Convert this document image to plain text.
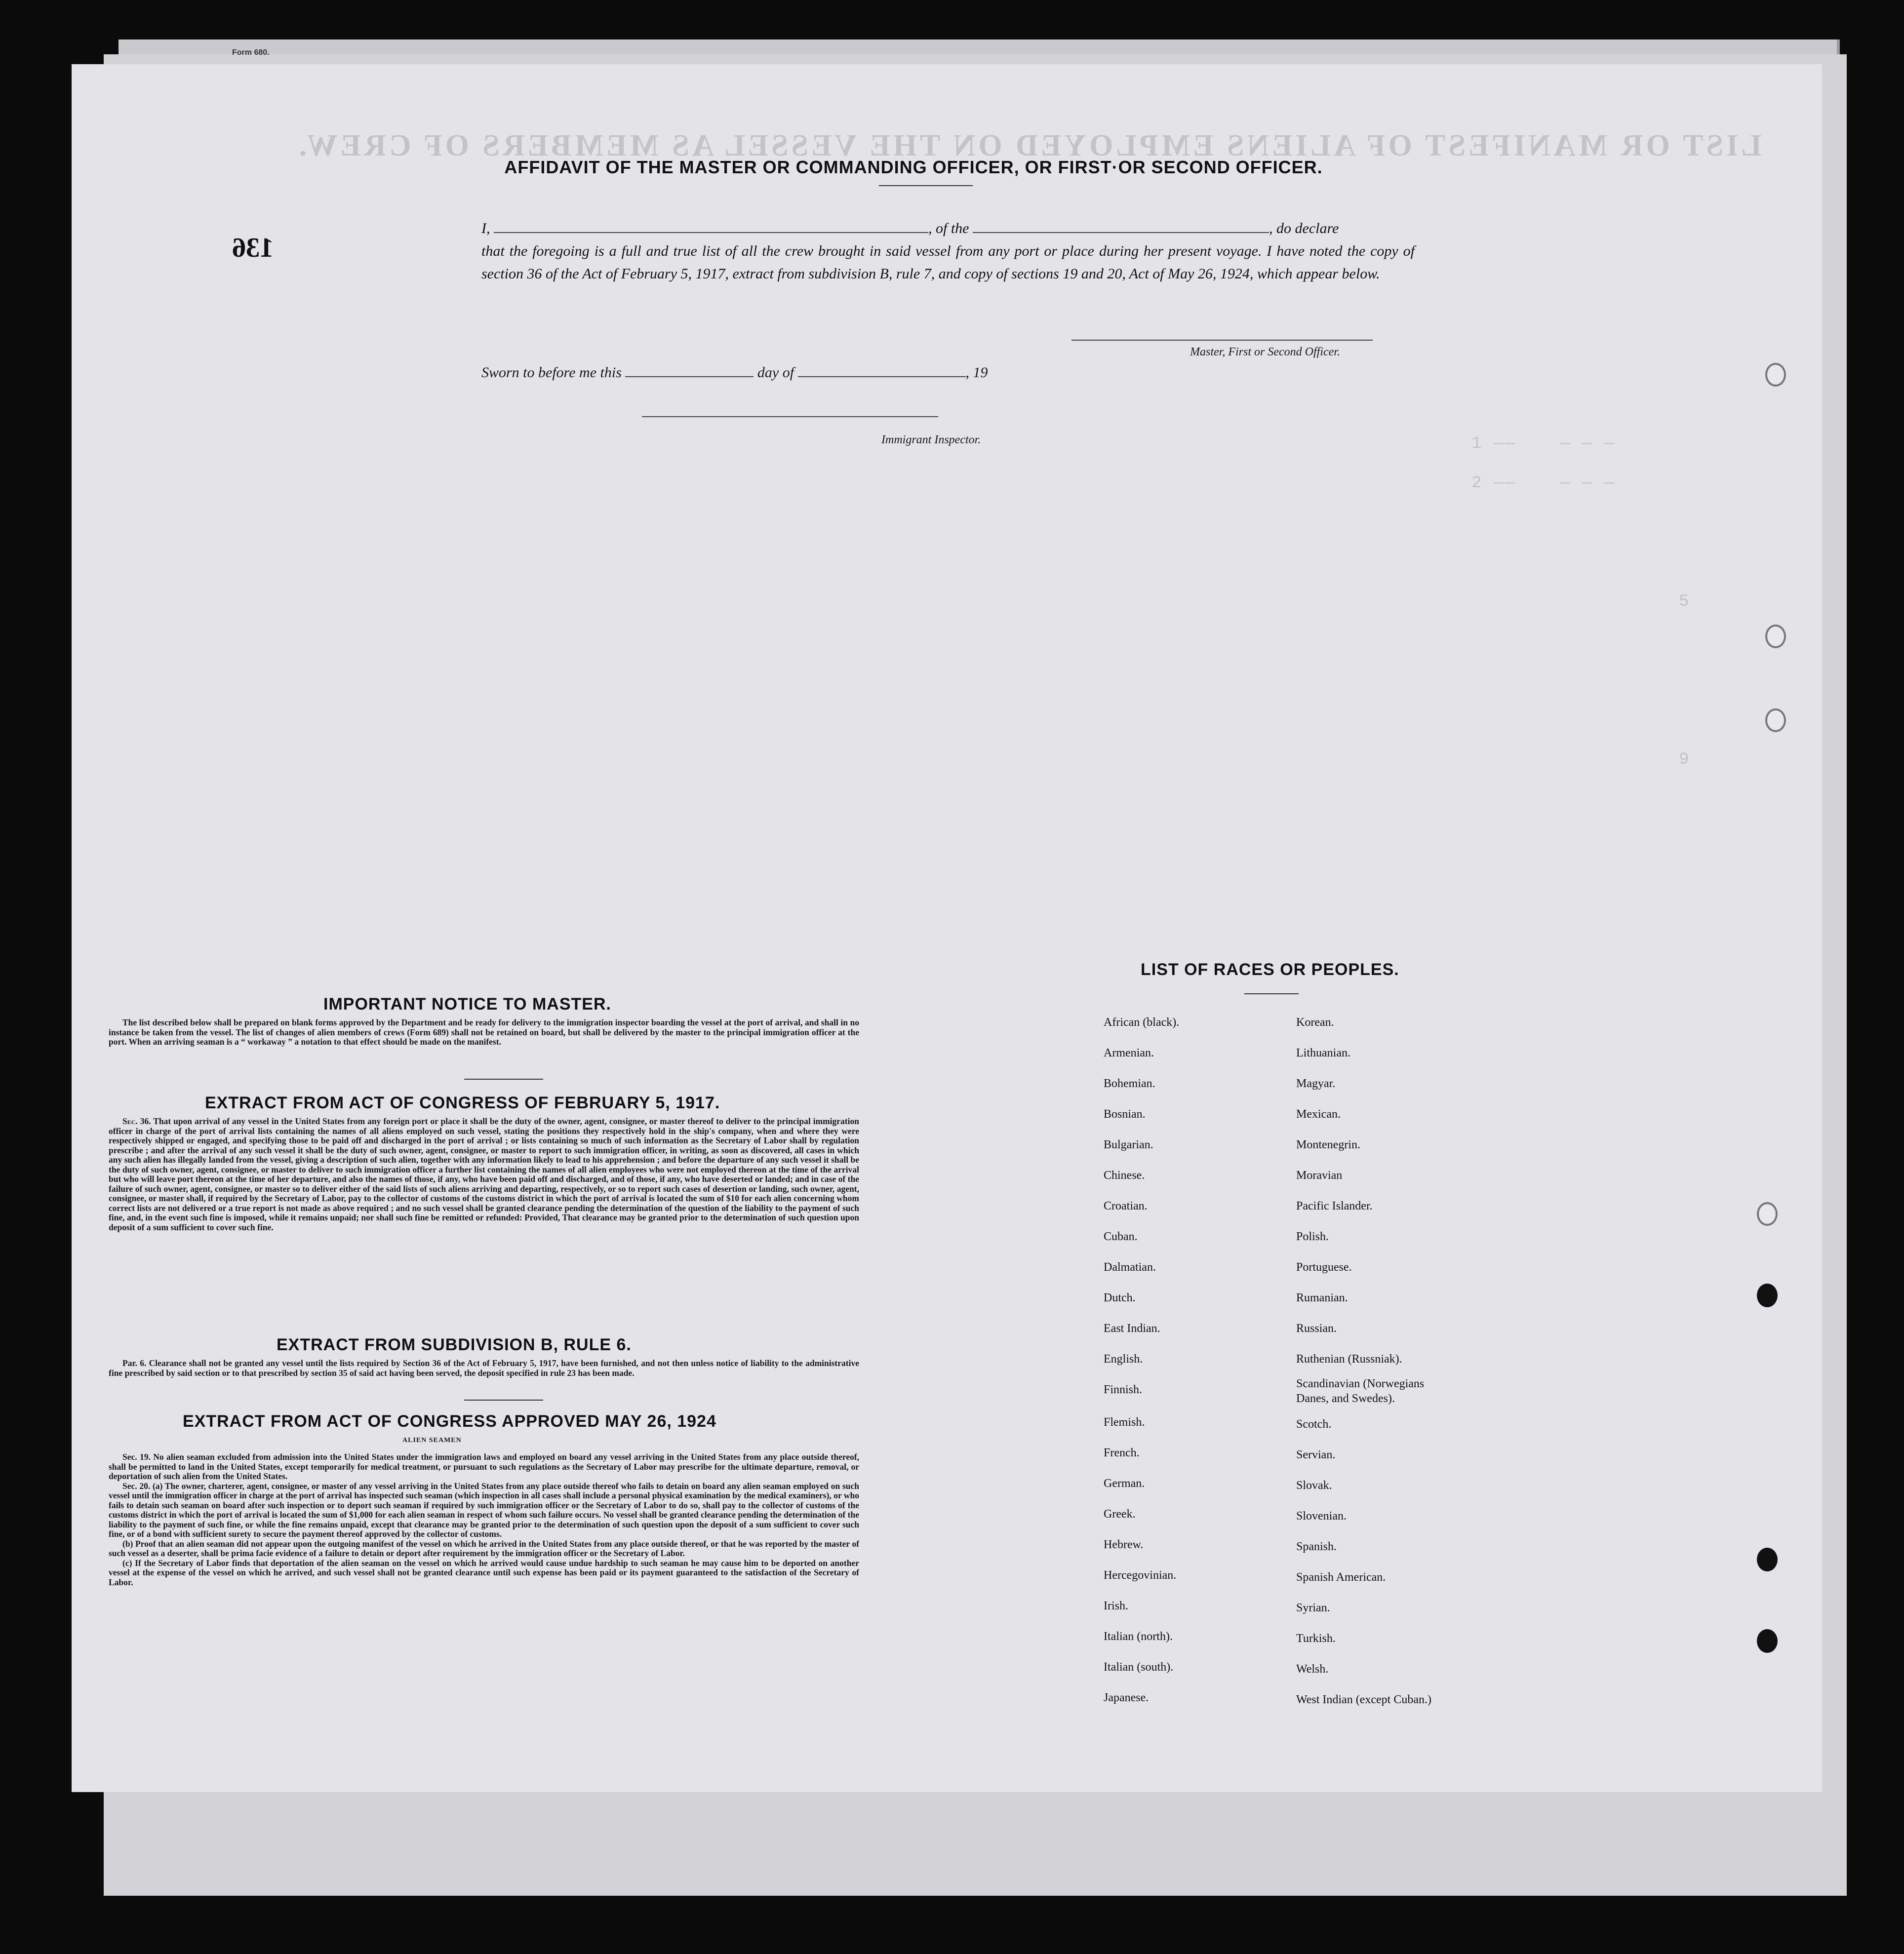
Form 680.
LIST OR MANIFEST OF ALIENS EMPLOYED ON THE VESSEL AS MEMBERS OF CREW.
1 ——    — — —
2 ——    — — —
5
9
136
AFFIDAVIT OF THE MASTER OR COMMANDING OFFICER, OR FIRST·OR SECOND OFFICER.
I,	, of the	, do declare
that the foregoing is a full and true list of all the crew brought in said vessel from any port or place during her present voyage. I have noted the copy of section 36 of the Act of February 5, 1917, extract from subdivision B, rule 7, and copy of sections 19 and 20, Act of May 26, 1924, which appear below.
Master, First or Second Officer.
Sworn to before me this	day of	, 19
Immigrant Inspector.
IMPORTANT NOTICE TO MASTER.

The list described below shall be prepared on blank forms approved by the Department and be ready for delivery to the immigration inspector boarding the vessel at the port of arrival, and shall in no instance be taken from the vessel. The list of changes of alien members of crews (Form 689) shall not be retained on board, but shall be delivered by the master to the principal immigration officer at the port. When an arriving seaman is a “ workaway ” a notation to that effect should be made on the manifest.

EXTRACT FROM ACT OF CONGRESS OF FEBRUARY 5, 1917.

Sec. 36. That upon arrival of any vessel in the United States from any foreign port or place it shall be the duty of the owner, agent, consignee, or master thereof to deliver to the principal immigration officer in charge of the port of arrival lists containing the names of all aliens employed on such vessel, stating the positions they respectively hold in the ship's company, when and where they were respectively shipped or engaged, and specifying those to be paid off and discharged in the port of arrival ; or lists containing so much of such information as the Secretary of Labor shall by regulation prescribe ; and after the arrival of any such vessel it shall be the duty of such owner, agent, consignee, or master to report to such immigration officer, in writing, as soon as discovered, all cases in which any such alien has illegally landed from the vessel, giving a description of such alien, together with any information likely to lead to his apprehension ; and before the departure of any such vessel it shall be the duty of such owner, agent, consignee, or master to deliver to such immigration officer a further list containing the names of all alien employees who were not employed thereon at the time of the arrival but who will leave port thereon at the time of her departure, and also the names of those, if any, who have been paid off and discharged, and of those, if any, who have deserted or landed; and in case of the failure of such owner, agent, consignee, or master so to deliver either of the said lists of such aliens arriving and departing, respectively, or so to report such cases of desertion or landing, such owner, agent, consignee, or master shall, if required by the Secretary of Labor, pay to the collector of customs of the customs district in which the port of arrival is located the sum of $10 for each alien concerning whom correct lists are not delivered or a true report is not made as above required ; and no such vessel shall be granted clearance pending the determination of the question of the liability to the payment of such fine, and, in the event such fine is imposed, while it remains unpaid; nor shall such fine be remitted or refunded: Provided, That clearance may be granted prior to the determination of such question upon deposit of a sum sufficient to cover such fine.

EXTRACT FROM SUBDIVISION B, RULE 6.

Par. 6. Clearance shall not be granted any vessel until the lists required by Section 36 of the Act of February 5, 1917, have been furnished, and not then unless notice of liability to the administrative fine prescribed by said section or to that prescribed by section 35 of said act having been served, the deposit specified in rule 23 has been made.

EXTRACT FROM ACT OF CONGRESS APPROVED MAY 26, 1924
ALIEN SEAMEN

Sec. 19. No alien seaman excluded from admission into the United States under the immigration laws and employed on board any vessel arriving in the United States from any place outside thereof, shall be permitted to land in the United States, except temporarily for medical treatment, or pursuant to such regulations as the Secretary of Labor may prescribe for the ultimate departure, removal, or deportation of such alien from the United States.

Sec. 20. (a) The owner, charterer, agent, consignee, or master of any vessel arriving in the United States from any place outside thereof who fails to detain on board any alien seaman employed on such vessel until the immigration officer in charge at the port of arrival has inspected such seaman (which inspection in all cases shall include a personal physical examination by the medical examiners), or who fails to detain such seaman on board after such inspection or to deport such seaman if required by such immigration officer or the Secretary of Labor to do so, shall pay to the collector of customs of the customs district in which the port of arrival is located the sum of $1,000 for each alien seaman in respect of whom such failure occurs. No vessel shall be granted clearance pending the determination of the liability to the payment of such fine, or while the fine remains unpaid, except that clearance may be granted prior to the determination of such question upon the deposit of a sum sufficient to cover such fine, or of a bond with sufficient surety to secure the payment thereof approved by the collector of customs.

(b) Proof that an alien seaman did not appear upon the outgoing manifest of the vessel on which he arrived in the United States from any place outside thereof, or that he was reported by the master of such vessel as a deserter, shall be prima facie evidence of a failure to detain or deport after requirement by the immigration officer or the Secretary of Labor.

(c) If the Secretary of Labor finds that deportation of the alien seaman on the vessel on which he arrived would cause undue hardship to such seaman he may cause him to be deported on another vessel at the expense of the vessel on which he arrived, and such vessel shall not be granted clearance until such expense has been paid or its payment guaranteed to the satisfaction of the Secretary of Labor.

LIST OF RACES OR PEOPLES.
African (black).
Armenian.
Bohemian.
Bosnian.
Bulgarian.
Chinese.
Croatian.
Cuban.
Dalmatian.
Dutch.
East Indian.
English.
Finnish.
Flemish.
French.
German.
Greek.
Hebrew.
Hercegovinian.
Irish.
Italian (north).
Italian (south).
Japanese.
Korean.
Lithuanian.
Magyar.
Mexican.
Montenegrin.
Moravian
Pacific Islander.
Polish.
Portuguese.
Rumanian.
Russian.
Ruthenian (Russniak).
Scandinavian (Norwegians
Danes, and Swedes).
Scotch.
Servian.
Slovak.
Slovenian.
Spanish.
Spanish American.
Syrian.
Turkish.
Welsh.
West Indian (except Cuban.)
